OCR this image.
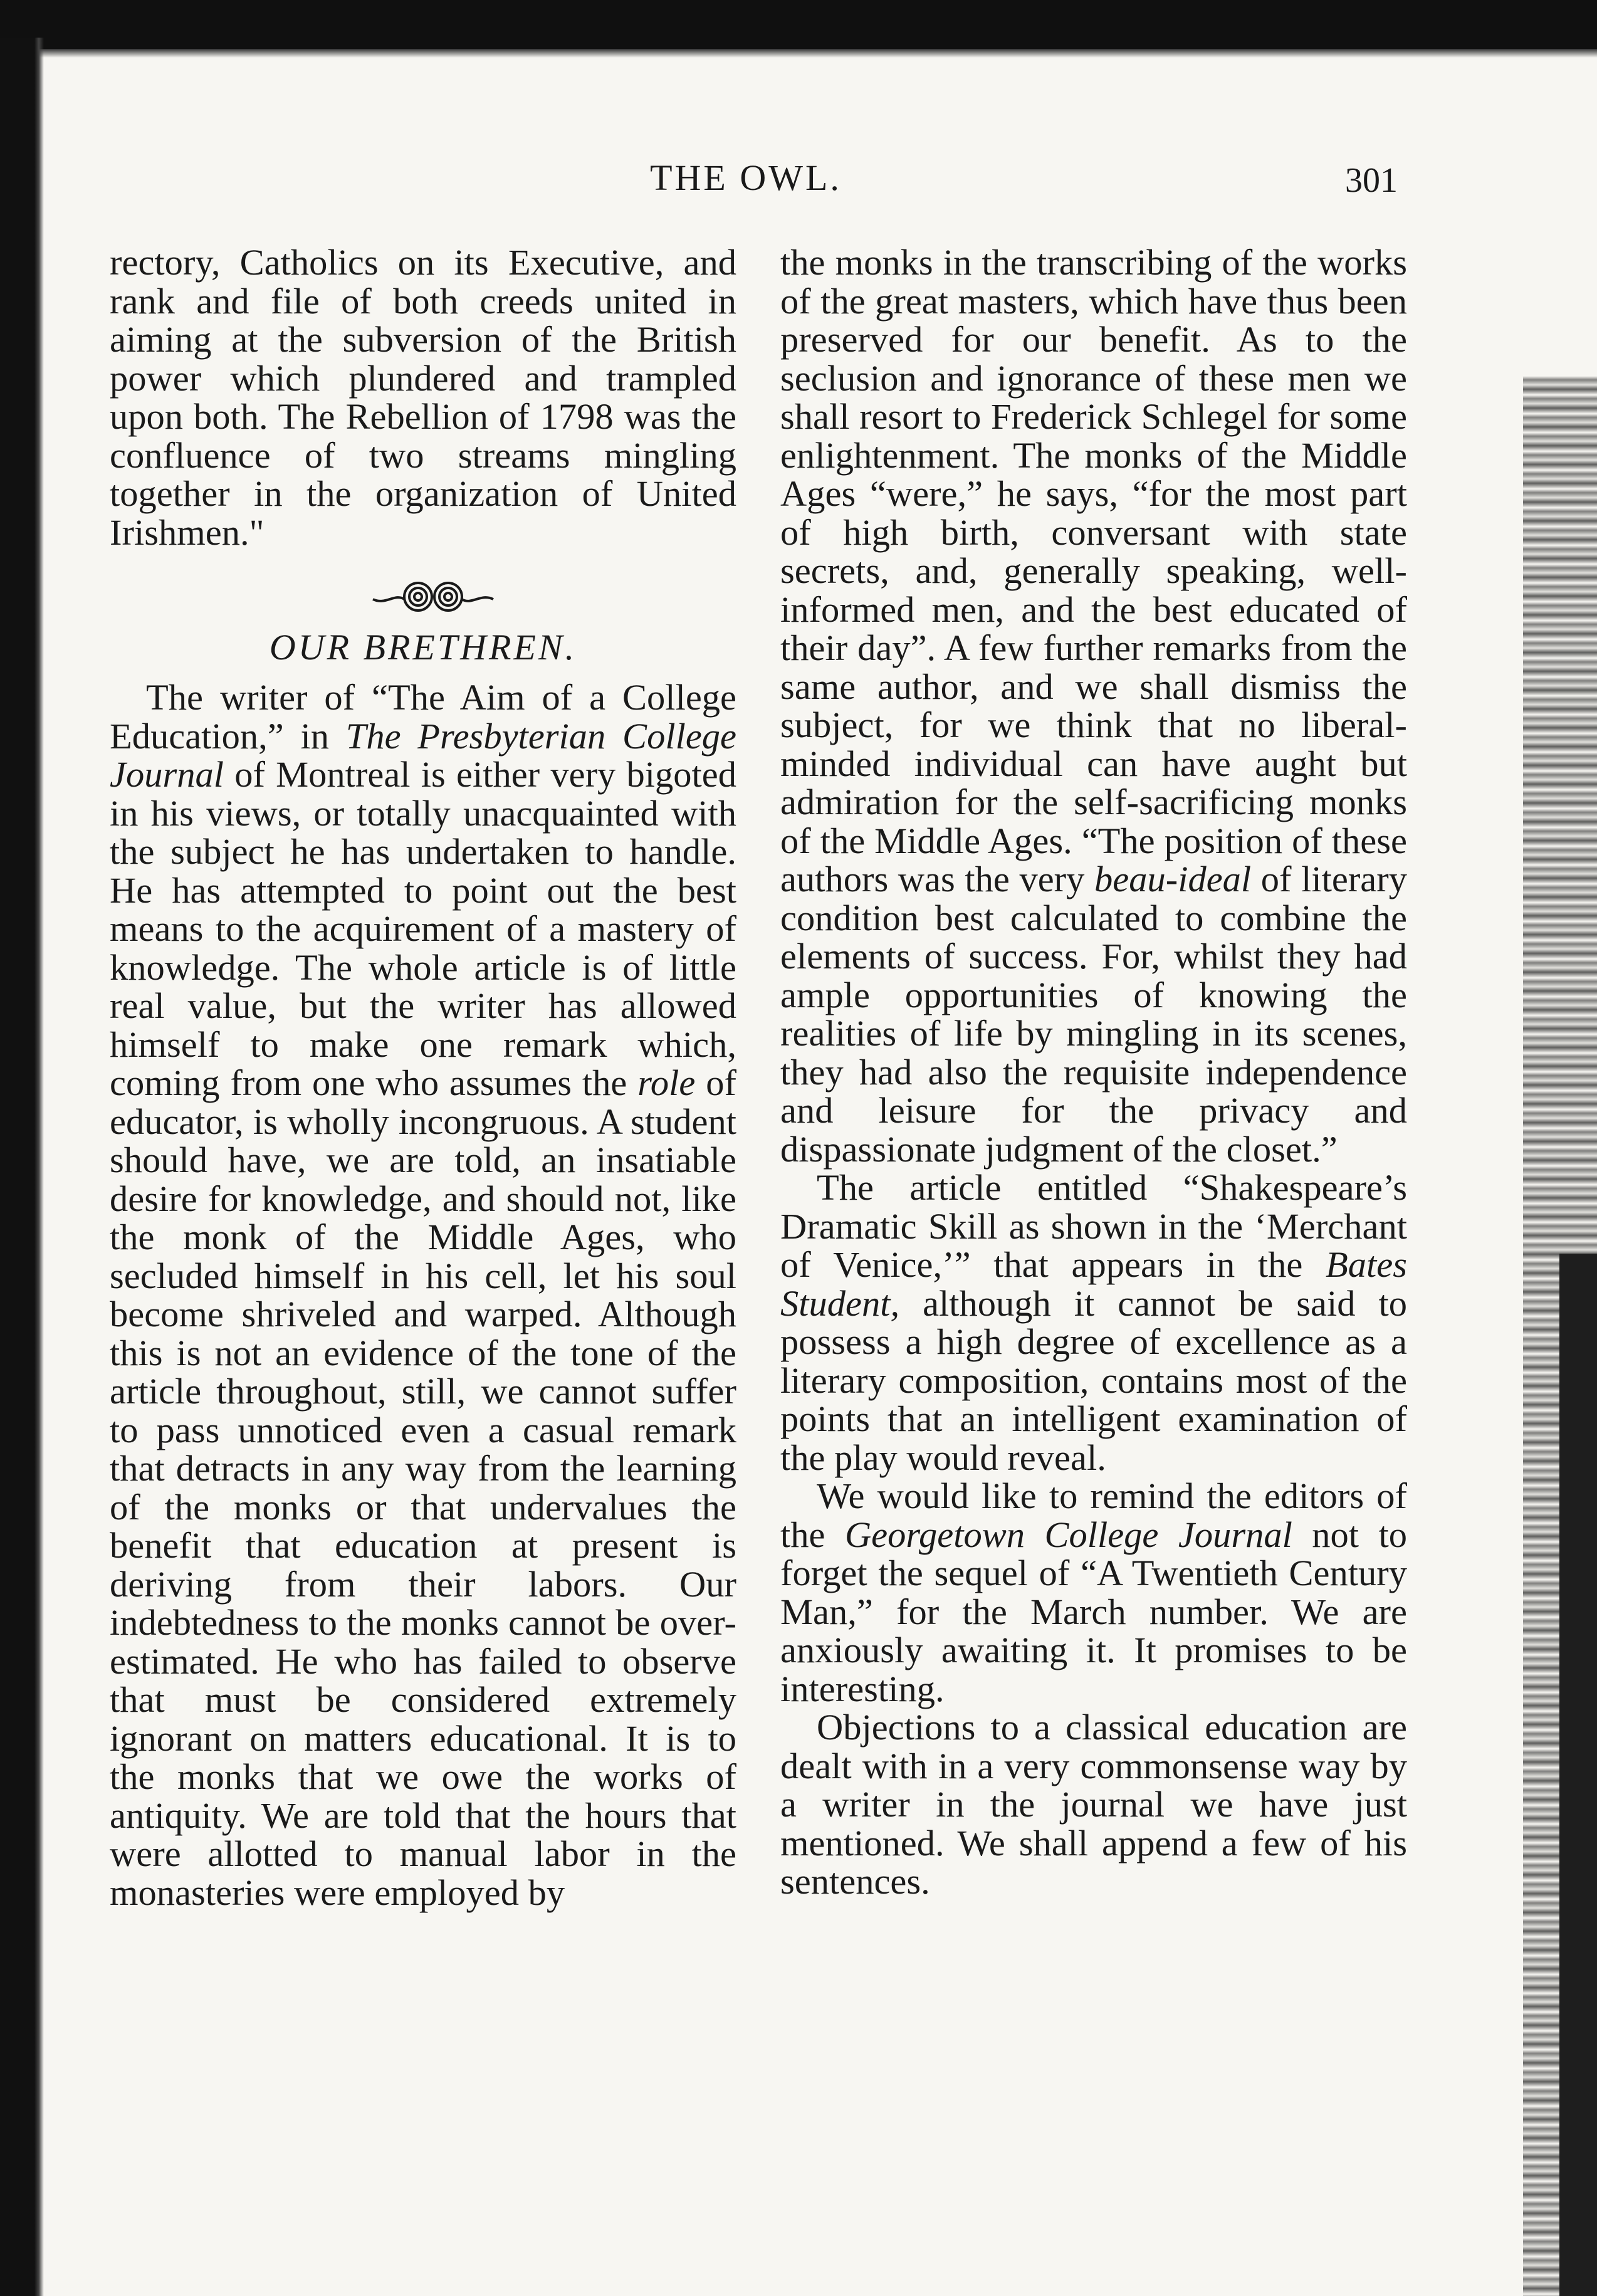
THE OWL.	301

rectory, Catholics on its Executive, and rank and file of both creeds united in aiming at the subversion of the British power which plundered and trampled upon both. The Rebellion of 1798 was the confluence of two streams mingling together in the organization of United Irishmen."

OUR BRETHREN.

The writer of “The Aim of a College Education,” in The Presbyterian College Journal of Montreal is either very bigoted in his views, or totally unacquainted with the subject he has undertaken to handle. He has attempted to point out the best means to the acquirement of a mastery of knowledge. The whole article is of little real value, but the writer has allowed himself to make one remark which, coming from one who assumes the role of educator, is wholly incongruous. A student should have, we are told, an insatiable desire for knowledge, and should not, like the monk of the Middle Ages, who secluded himself in his cell, let his soul become shriveled and warped. Although this is not an evidence of the tone of the article throughout, still, we cannot suffer to pass unnoticed even a casual remark that detracts in any way from the learning of the monks or that undervalues the benefit that education at present is deriving from their labors. Our indebtedness to the monks cannot be over-estimated. He who has failed to observe that must be considered extremely ignorant on matters educational. It is to the monks that we owe the works of antiquity. We are told that the hours that were allotted to manual labor in the monasteries were employed by

the monks in the transcribing of the works of the great masters, which have thus been preserved for our benefit. As to the seclusion and ignorance of these men we shall resort to Frederick Schlegel for some enlightenment. The monks of the Middle Ages “were,” he says, “for the most part of high birth, conversant with state secrets, and, generally speaking, well-informed men, and the best educated of their day”. A few further remarks from the same author, and we shall dismiss the subject, for we think that no liberal-minded individual can have aught but admiration for the self-sacrificing monks of the Middle Ages. “The position of these authors was the very beau-ideal of literary condition best calculated to combine the elements of success. For, whilst they had ample opportunities of knowing the realities of life by mingling in its scenes, they had also the requisite independence and leisure for the privacy and dispassionate judgment of the closet.”

The article entitled “Shakespeare’s Dramatic Skill as shown in the ‘Merchant of Venice,’” that appears in the Bates Student, although it cannot be said to possess a high degree of excellence as a literary composition, contains most of the points that an intelligent examination of the play would reveal.

We would like to remind the editors of the Georgetown College Journal not to forget the sequel of “A Twentieth Century Man,” for the March number. We are anxiously awaiting it. It promises to be interesting.

Objections to a classical education are dealt with in a very commonsense way by a writer in the journal we have just mentioned. We shall append a few of his sentences.
